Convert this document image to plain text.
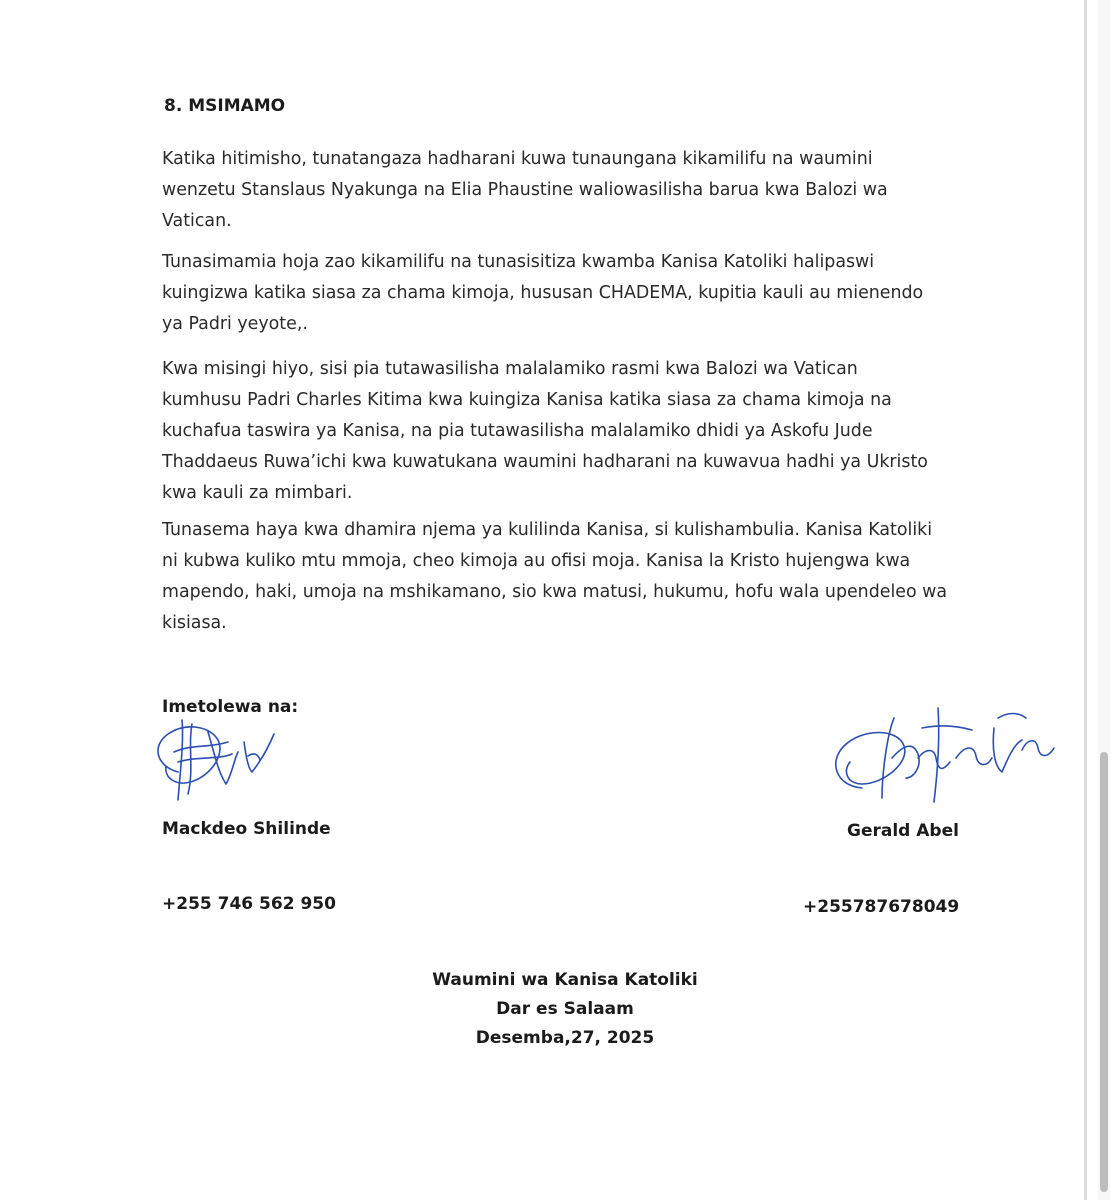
8. MSIMAMO

Katika hitimisho, tunatangaza hadharani kuwa tunaungana kikamilifu na waumini
wenzetu Stanslaus Nyakunga na Elia Phaustine waliowasilisha barua kwa Balozi wa
Vatican.

Tunasimamia hoja zao kikamilifu na tunasisitiza kwamba Kanisa Katoliki halipaswi
kuingizwa katika siasa za chama kimoja, hususan CHADEMA, kupitia kauli au mienendo
ya Padri yeyote,.

Kwa misingi hiyo, sisi pia tutawasilisha malalamiko rasmi kwa Balozi wa Vatican
kumhusu Padri Charles Kitima kwa kuingiza Kanisa katika siasa za chama kimoja na
kuchafua taswira ya Kanisa, na pia tutawasilisha malalamiko dhidi ya Askofu Jude
Thaddaeus Ruwa’ichi kwa kuwatukana waumini hadharani na kuwavua hadhi ya Ukristo
kwa kauli za mimbari.

Tunasema haya kwa dhamira njema ya kulilinda Kanisa, si kulishambulia. Kanisa Katoliki
ni kubwa kuliko mtu mmoja, cheo kimoja au ofisi moja. Kanisa la Kristo hujengwa kwa
mapendo, haki, umoja na mshikamano, sio kwa matusi, hukumu, hofu wala upendeleo wa
kisiasa.

Imetolewa na:
Mackdeo Shilinde
+255 746 562 950
Gerald Abel
+255787678049
Waumini wa Kanisa Katoliki
Dar es Salaam
Desemba,27, 2025
